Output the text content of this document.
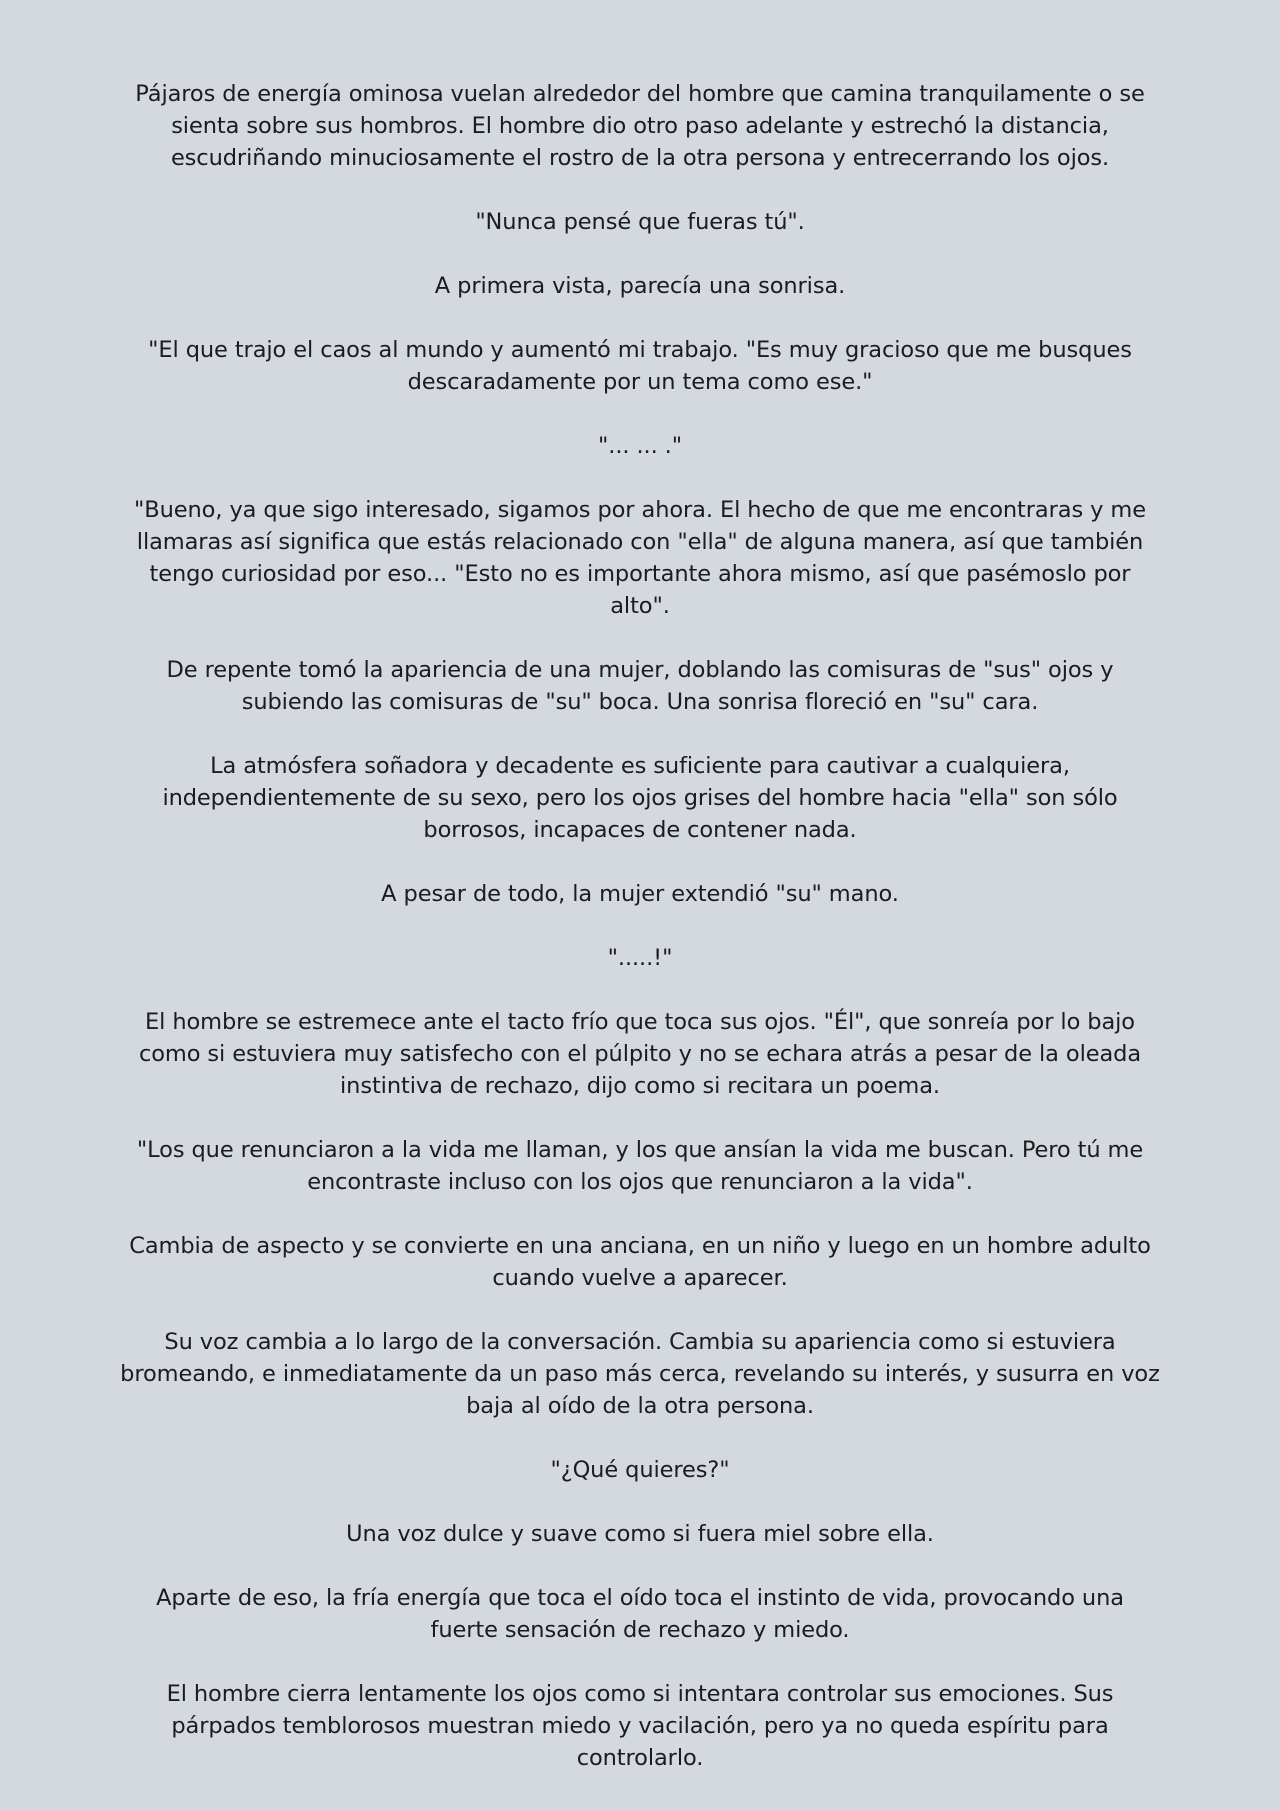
Pájaros de energía ominosa vuelan alrededor del hombre que camina tranquilamente o se sienta sobre sus hombros. El hombre dio otro paso adelante y estrechó la distancia, escudriñando minuciosamente el rostro de la otra persona y entrecerrando los ojos.

"Nunca pensé que fueras tú".

A primera vista, parecía una sonrisa.

"El que trajo el caos al mundo y aumentó mi trabajo. "Es muy gracioso que me busques descaradamente por un tema como ese."

"... ... ."

"Bueno, ya que sigo interesado, sigamos por ahora. El hecho de que me encontraras y me llamaras así significa que estás relacionado con "ella" de alguna manera, así que también tengo curiosidad por eso... "Esto no es importante ahora mismo, así que pasémoslo por alto".

De repente tomó la apariencia de una mujer, doblando las comisuras de "sus" ojos y subiendo las comisuras de "su" boca. Una sonrisa floreció en "su" cara.

La atmósfera soñadora y decadente es suficiente para cautivar a cualquiera, independientemente de su sexo, pero los ojos grises del hombre hacia "ella" son sólo borrosos, incapaces de contener nada.

A pesar de todo, la mujer extendió "su" mano.

".....!"

El hombre se estremece ante el tacto frío que toca sus ojos. "Él", que sonreía por lo bajo como si estuviera muy satisfecho con el púlpito y no se echara atrás a pesar de la oleada instintiva de rechazo, dijo como si recitara un poema.

"Los que renunciaron a la vida me llaman, y los que ansían la vida me buscan. Pero tú me encontraste incluso con los ojos que renunciaron a la vida".

Cambia de aspecto y se convierte en una anciana, en un niño y luego en un hombre adulto cuando vuelve a aparecer.

Su voz cambia a lo largo de la conversación. Cambia su apariencia como si estuviera bromeando, e inmediatamente da un paso más cerca, revelando su interés, y susurra en voz baja al oído de la otra persona.

"¿Qué quieres?"

Una voz dulce y suave como si fuera miel sobre ella.

Aparte de eso, la fría energía que toca el oído toca el instinto de vida, provocando una fuerte sensación de rechazo y miedo.

El hombre cierra lentamente los ojos como si intentara controlar sus emociones. Sus párpados temblorosos muestran miedo y vacilación, pero ya no queda espíritu para controlarlo.
